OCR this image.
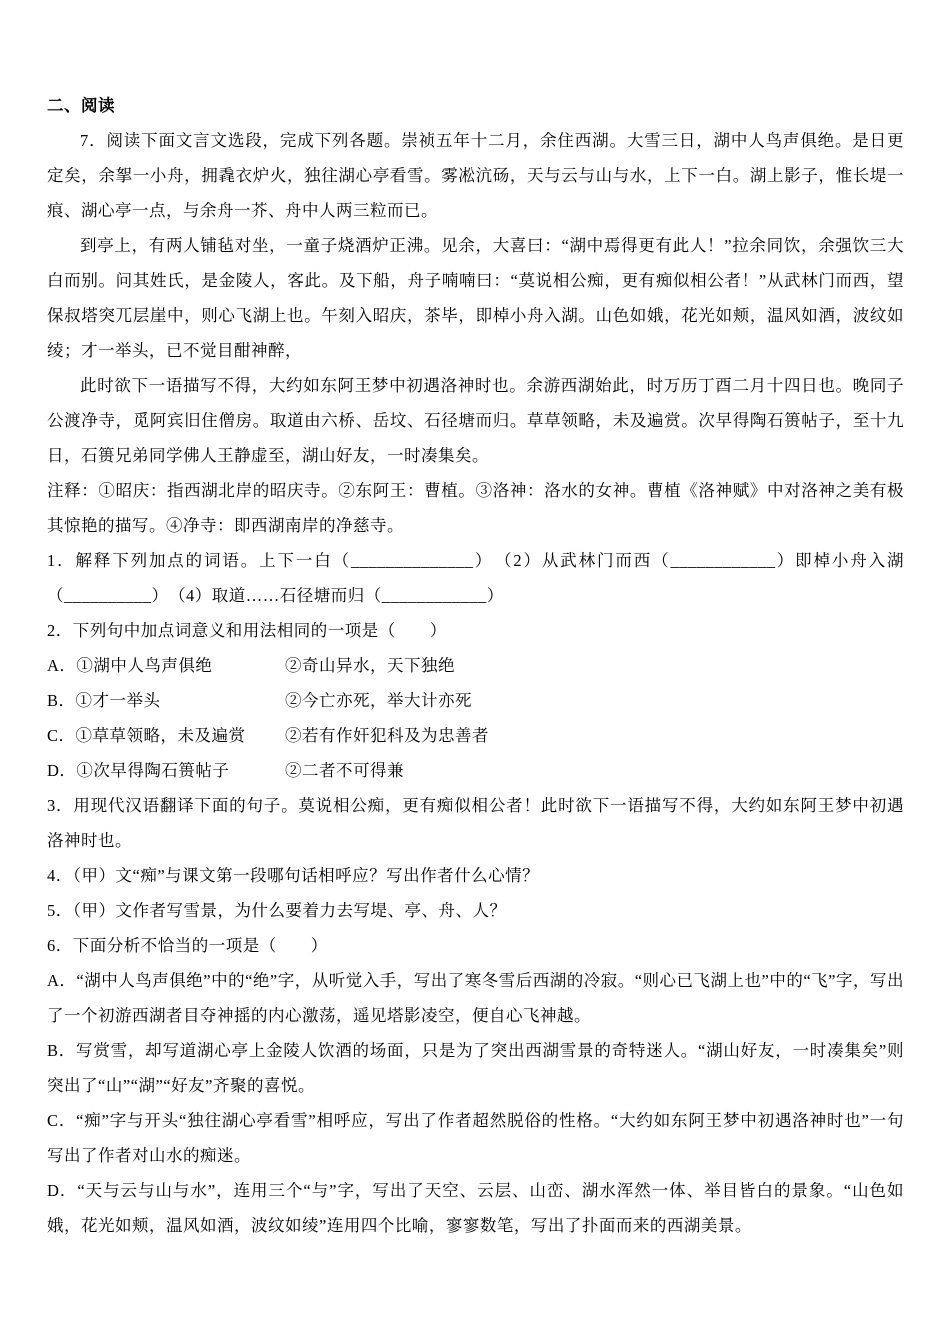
二、阅读
7．阅读下面文言文选段，完成下列各题。崇祯五年十二月，余住西湖。大雪三日，湖中人鸟声俱绝。是日更定矣，余挐一小舟，拥毳衣炉火，独往湖心亭看雪。雾凇沆砀，天与云与山与水，上下一白。湖上影子，惟长堤一痕、湖心亭一点，与余舟一芥、舟中人两三粒而已。
到亭上，有两人铺毡对坐，一童子烧酒炉正沸。见余，大喜曰：“湖中焉得更有此人！”拉余同饮，余强饮三大白而别。问其姓氏，是金陵人，客此。及下船，舟子喃喃曰：“莫说相公痴，更有痴似相公者！”从武林门而西，望保叔塔突兀层崖中，则心飞湖上也。午刻入昭庆，茶毕，即棹小舟入湖。山色如娥，花光如颊，温风如酒，波纹如绫；才一举头，已不觉目酣神醉，
此时欲下一语描写不得，大约如东阿王梦中初遇洛神时也。余游西湖始此，时万历丁酉二月十四日也。晚同子公渡净寺，觅阿宾旧住僧房。取道由六桥、岳坟、石径塘而归。草草领略，未及遍赏。次早得陶石篑帖子，至十九日，石篑兄弟同学佛人王静虚至，湖山好友，一时凑集矣。
注释：①昭庆：指西湖北岸的昭庆寺。②东阿王：曹植。③洛神：洛水的女神。曹植《洛神赋》中对洛神之美有极其惊艳的描写。④净寺：即西湖南岸的净慈寺。
1．解释下列加点的词语。上下一白（______________）　（2）从武林门而西（____________）即棹小舟入湖（__________）　（4）取道……石径塘而归（____________）
2．下列句中加点词意义和用法相同的一项是（　　）
A．①湖中人鸟声俱绝	②奇山异水，天下独绝
B．①才一举头	②今亡亦死，举大计亦死
C．①草草领略，未及遍赏 ②若有作奸犯科及为忠善者
D．①次早得陶石篑帖子	②二者不可得兼
3．用现代汉语翻译下面的句子。莫说相公痴，更有痴似相公者！此时欲下一语描写不得，大约如东阿王梦中初遇洛神时也。
4．（甲）文“痴”与课文第一段哪句话相呼应？写出作者什么心情？
5．（甲）文作者写雪景，为什么要着力去写堤、亭、舟、人？
6．下面分析不恰当的一项是（　　）
A．“湖中人鸟声俱绝”中的“绝”字，从听觉入手，写出了寒冬雪后西湖的冷寂。“则心已飞湖上也”中的“飞”字，写出了一个初游西湖者目夺神摇的内心激荡，遥见塔影凌空，便自心飞神越。
B．写赏雪，却写道湖心亭上金陵人饮酒的场面，只是为了突出西湖雪景的奇特迷人。“湖山好友，一时凑集矣”则突出了“山”“湖”“好友”齐聚的喜悦。
C．“痴”字与开头“独往湖心亭看雪”相呼应，写出了作者超然脱俗的性格。“大约如东阿王梦中初遇洛神时也”一句写出了作者对山水的痴迷。
D．“天与云与山与水”，连用三个“与”字，写出了天空、云层、山峦、湖水浑然一体、举目皆白的景象。“山色如娥，花光如颊，温风如酒，波纹如绫”连用四个比喻，寥寥数笔，写出了扑面而来的西湖美景。
